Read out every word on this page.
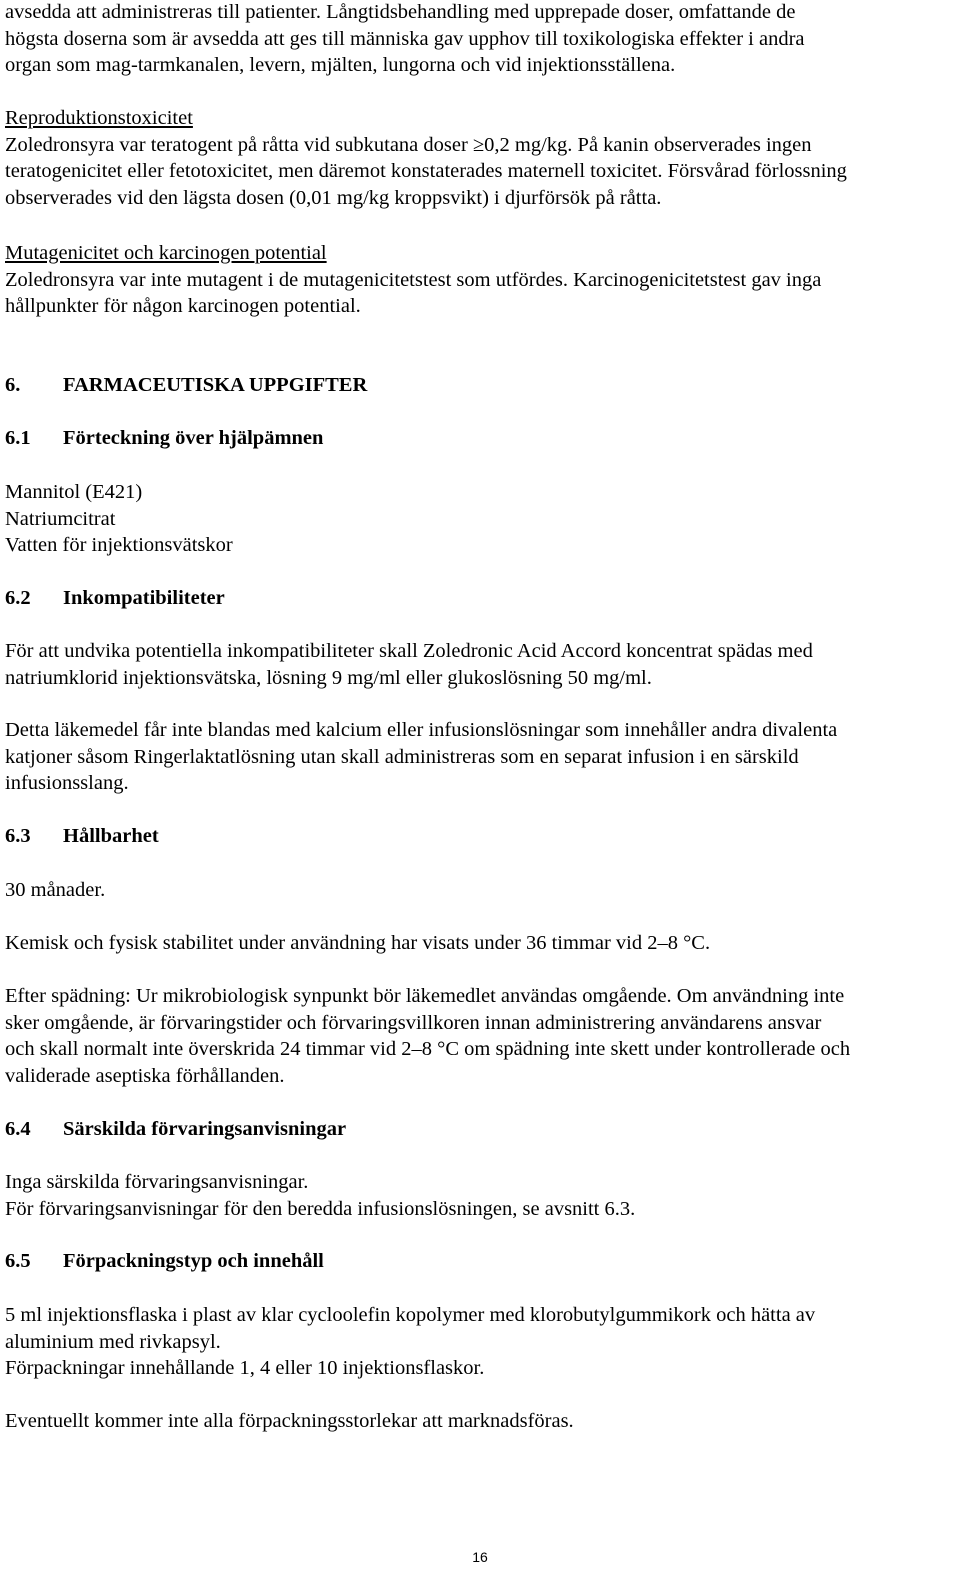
avsedda att administreras till patienter. Långtidsbehandling med upprepade doser, omfattande de

högsta doserna som är avsedda att ges till människa gav upphov till toxikologiska effekter i andra

organ som mag-tarmkanalen, levern, mjälten, lungorna och vid injektionsställena.

Reproduktionstoxicitet

Zoledronsyra var teratogent på råtta vid subkutana doser ≥0,2 mg/kg. På kanin observerades ingen

teratogenicitet eller fetotoxicitet, men däremot konstaterades maternell toxicitet. Försvårad förlossning

observerades vid den lägsta dosen (0,01 mg/kg kroppsvikt) i djurförsök på råtta.

Mutagenicitet och karcinogen potential

Zoledronsyra var inte mutagent i de mutagenicitetstest som utfördes. Karcinogenicitetstest gav inga

hållpunkter för någon karcinogen potential.

6. FARMACEUTISKA UPPGIFTER
6.1 Förteckning över hjälpämnen

Mannitol (E421)

Natriumcitrat

Vatten för injektionsvätskor

6.2 Inkompatibiliteter

För att undvika potentiella inkompatibiliteter skall Zoledronic Acid Accord koncentrat spädas med

natriumklorid injektionsvätska, lösning 9 mg/ml eller glukoslösning 50 mg/ml.

Detta läkemedel får inte blandas med kalcium eller infusionslösningar som innehåller andra divalenta

katjoner såsom Ringerlaktatlösning utan skall administreras som en separat infusion i en särskild

infusionsslang.

6.3 Hållbarhet

30 månader.

Kemisk och fysisk stabilitet under användning har visats under 36 timmar vid 2–8 °C.

Efter spädning: Ur mikrobiologisk synpunkt bör läkemedlet användas omgående. Om användning inte

sker omgående, är förvaringstider och förvaringsvillkoren innan administrering användarens ansvar

och skall normalt inte överskrida 24 timmar vid 2–8 °C om spädning inte skett under kontrollerade och

validerade aseptiska förhållanden.

6.4 Särskilda förvaringsanvisningar

Inga särskilda förvaringsanvisningar.

För förvaringsanvisningar för den beredda infusionslösningen, se avsnitt 6.3.

6.5 Förpackningstyp och innehåll

5 ml injektionsflaska i plast av klar cycloolefin kopolymer med klorobutylgummikork och hätta av

aluminium med rivkapsyl.

Förpackningar innehållande 1, 4 eller 10 injektionsflaskor.

Eventuellt kommer inte alla förpackningsstorlekar att marknadsföras.

16
